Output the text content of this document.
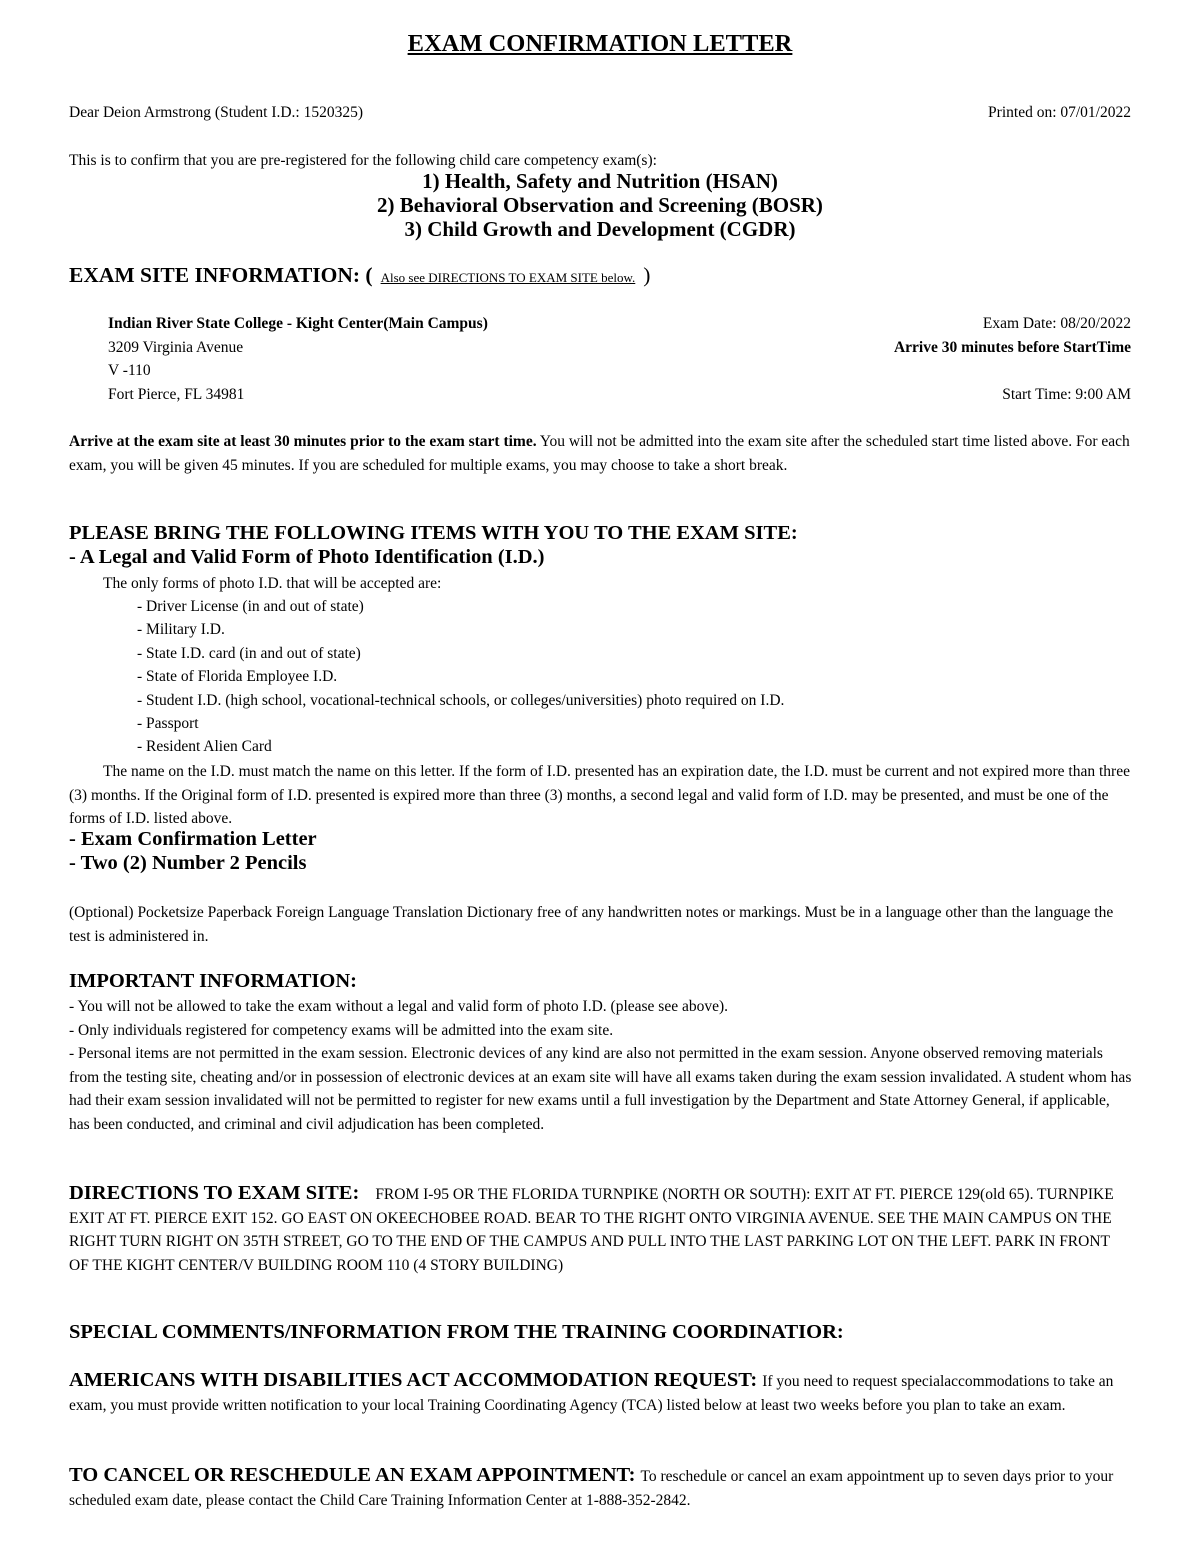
EXAM CONFIRMATION LETTER
Dear Deion Armstrong (Student I.D.: 1520325)	Printed on: 07/01/2022
This is to confirm that you are pre-registered for the following child care competency exam(s):
1) Health, Safety and Nutrition (HSAN)
2) Behavioral Observation and Screening (BOSR)
3) Child Growth and Development (CGDR)
EXAM SITE INFORMATION: ( Also see DIRECTIONS TO EXAM SITE below. )
Indian River State College - Kight Center(Main Campus)
3209 Virginia Avenue
V -110
Fort Pierce, FL 34981
Exam Date: 08/20/2022
Arrive 30 minutes before StartTime
Start Time: 9:00 AM
Arrive at the exam site at least 30 minutes prior to the exam start time. You will not be admitted into the exam site after the scheduled start time listed above. For each exam, you will be given 45 minutes. If you are scheduled for multiple exams, you may choose to take a short break.
PLEASE BRING THE FOLLOWING ITEMS WITH YOU TO THE EXAM SITE:
- A Legal and Valid Form of Photo Identification (I.D.)
The only forms of photo I.D. that will be accepted are:
- Driver License (in and out of state)
- Military I.D.
- State I.D. card (in and out of state)
- State of Florida Employee I.D.
- Student I.D. (high school, vocational-technical schools, or colleges/universities) photo required on I.D.
- Passport
- Resident Alien Card
The name on the I.D. must match the name on this letter. If the form of I.D. presented has an expiration date, the I.D. must be current and not expired more than three (3) months. If the Original form of I.D. presented is expired more than three (3) months, a second legal and valid form of I.D. may be presented, and must be one of the forms of I.D. listed above.
- Exam Confirmation Letter
- Two (2) Number 2 Pencils
(Optional) Pocketsize Paperback Foreign Language Translation Dictionary free of any handwritten notes or markings. Must be in a language other than the language the test is administered in.
IMPORTANT INFORMATION:
- You will not be allowed to take the exam without a legal and valid form of photo I.D. (please see above).
- Only individuals registered for competency exams will be admitted into the exam site.
- Personal items are not permitted in the exam session. Electronic devices of any kind are also not permitted in the exam session. Anyone observed removing materials from the testing site, cheating and/or in possession of electronic devices at an exam site will have all exams taken during the exam session invalidated. A student whom has had their exam session invalidated will not be permitted to register for new exams until a full investigation by the Department and State Attorney General, if applicable, has been conducted, and criminal and civil adjudication has been completed.
DIRECTIONS TO EXAM SITE: FROM I-95 OR THE FLORIDA TURNPIKE (NORTH OR SOUTH): EXIT AT FT. PIERCE 129(old 65). TURNPIKE EXIT AT FT. PIERCE EXIT 152. GO EAST ON OKEECHOBEE ROAD. BEAR TO THE RIGHT ONTO VIRGINIA AVENUE. SEE THE MAIN CAMPUS ON THE RIGHT TURN RIGHT ON 35TH STREET, GO TO THE END OF THE CAMPUS AND PULL INTO THE LAST PARKING LOT ON THE LEFT. PARK IN FRONT OF THE KIGHT CENTER/V BUILDING ROOM 110 (4 STORY BUILDING)
SPECIAL COMMENTS/INFORMATION FROM THE TRAINING COORDINATIOR:
AMERICANS WITH DISABILITIES ACT ACCOMMODATION REQUEST: If you need to request specialaccommodations to take an exam, you must provide written notification to your local Training Coordinating Agency (TCA) listed below at least two weeks before you plan to take an exam.
TO CANCEL OR RESCHEDULE AN EXAM APPOINTMENT: To reschedule or cancel an exam appointment up to seven days prior to your scheduled exam date, please contact the Child Care Training Information Center at 1-888-352-2842.
